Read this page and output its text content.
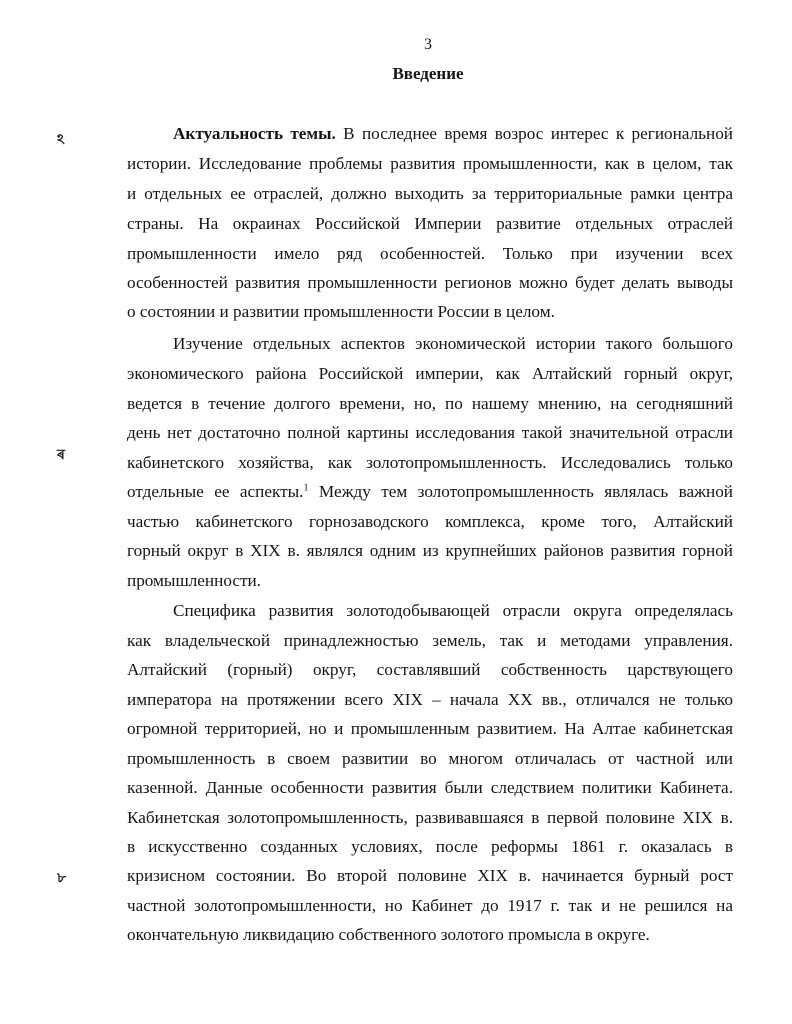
3
Введение
ঽ
ৰ
৮
Актуальность темы. В последнее время возрос интерес к региональной
истории. Исследование проблемы развития промышленности, как в целом, так
и отдельных ее отраслей, должно выходить за территориальные рамки центра
страны. На окраинах Российской Империи развитие отдельных отраслей
промышленности имело ряд особенностей. Только при изучении всех
особенностей развития промышленности регионов можно будет делать выводы
о состоянии и развитии промышленности России в целом.
Изучение отдельных аспектов экономической истории такого большого
экономического района Российской империи, как Алтайский горный округ,
ведется в течение долгого времени, но, по нашему мнению, на сегодняшний
день нет достаточно полной картины исследования такой значительной отрасли
кабинетского хозяйства, как золотопромышленность. Исследовались только
отдельные ее аспекты.$^1$ Между тем золотопромышленность являлась важной
частью кабинетского горнозаводского комплекса, кроме того, Алтайский
горный округ в XIX в. являлся одним из крупнейших районов развития горной
промышленности.
Специфика развития золотодобывающей отрасли округа определялась
как владельческой принадлежностью земель, так и методами управления.
Алтайский (горный) округ, составлявший собственность царствующего
императора на протяжении всего XIX – начала XX вв., отличался не только
огромной территорией, но и промышленным развитием. На Алтае кабинетская
промышленность в своем развитии во многом отличалась от частной или
казенной. Данные особенности развития были следствием политики Кабинета.
Кабинетская золотопромышленность, развивавшаяся в первой половине XIX в.
в искусственно созданных условиях, после реформы 1861 г. оказалась в
кризисном состоянии. Во второй половине XIX в. начинается бурный рост
частной золотопромышленности, но Кабинет до 1917 г. так и не решился на
окончательную ликвидацию собственного золотого промысла в округе.
